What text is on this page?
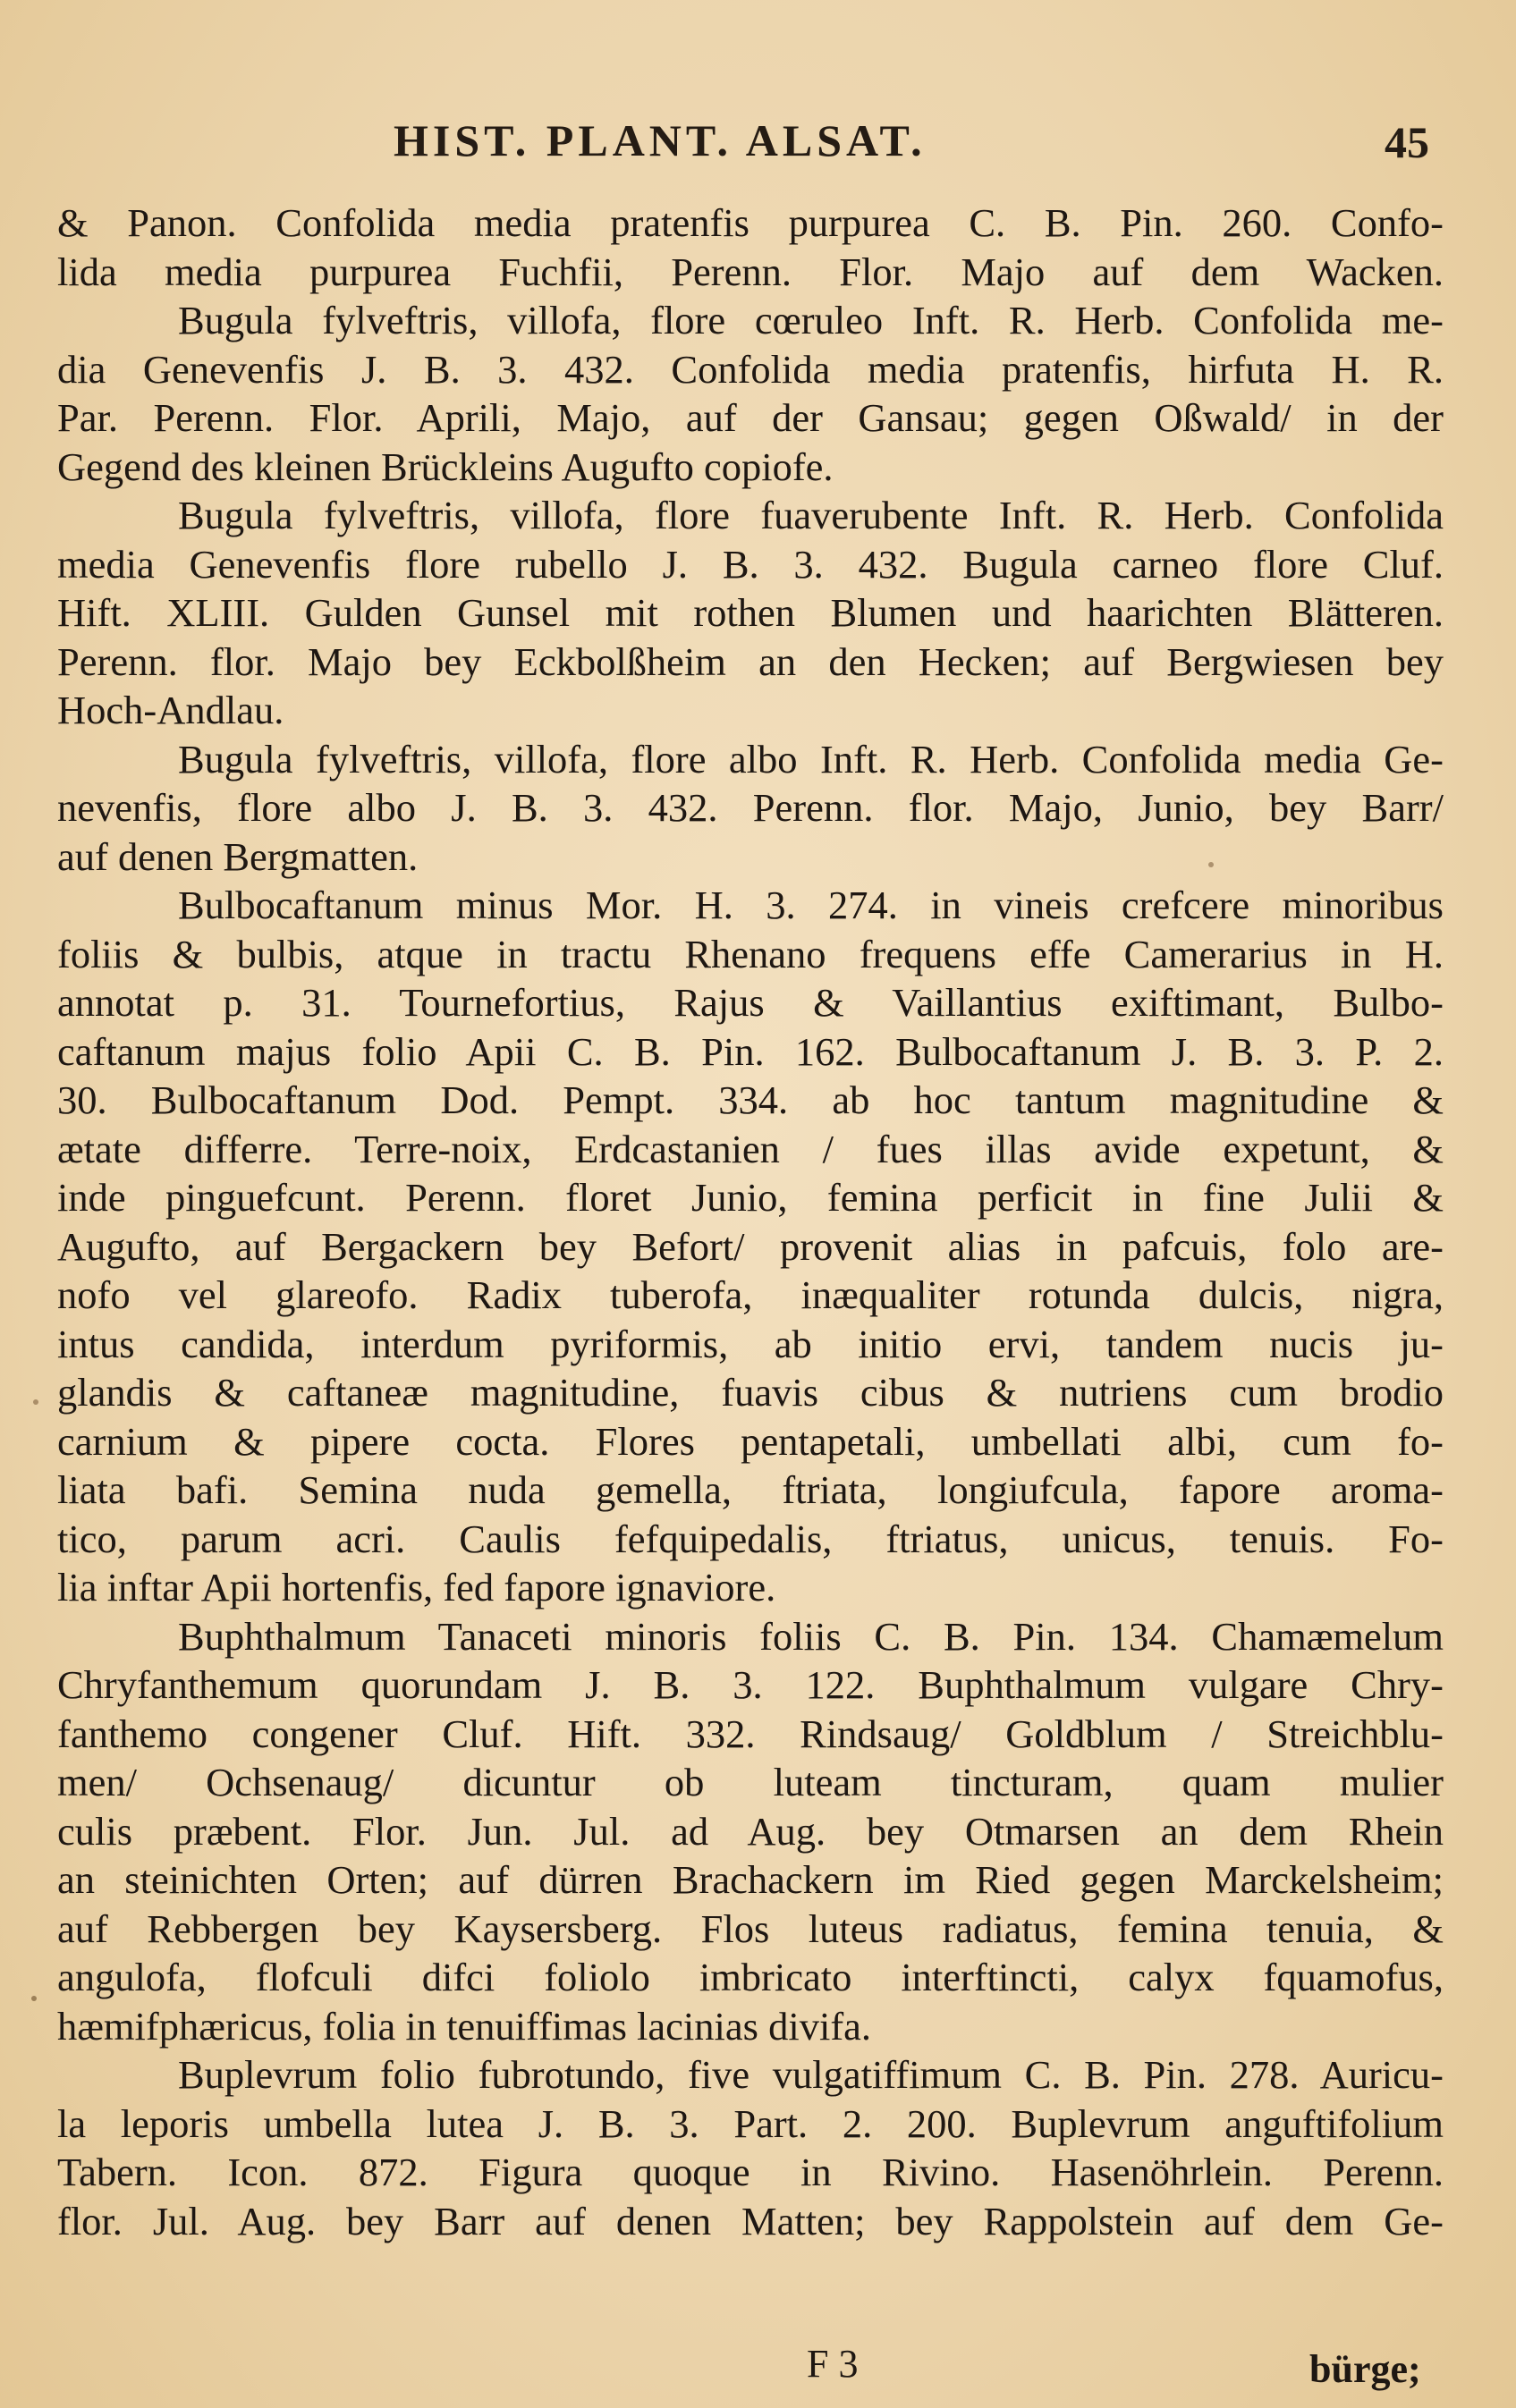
HIST. PLANT. ALSAT.	45
& Panon. Confolida media pratenfis purpurea C. B. Pin. 260. Confo-
lida media purpurea Fuchfii, Perenn. Flor. Majo auf dem Wacken.
Bugula fylveftris, villofa, flore cœruleo Inft. R. Herb. Confolida me-
dia Genevenfis J. B. 3. 432. Confolida media pratenfis, hirfuta H. R.
Par. Perenn. Flor. Aprili, Majo, auf der Gansau; gegen Oßwald/ in der
Gegend des kleinen Brückleins Augufto copiofe.
Bugula fylveftris, villofa, flore fuaverubente Inft. R. Herb. Confolida
media Genevenfis flore rubello J. B. 3. 432. Bugula carneo flore Cluf.
Hift. XLIII. Gulden Gunsel mit rothen Blumen und haarichten Blätteren.
Perenn. flor. Majo bey Eckbolßheim an den Hecken; auf Bergwiesen bey
Hoch-Andlau.
Bugula fylveftris, villofa, flore albo Inft. R. Herb. Confolida media Ge-
nevenfis, flore albo J. B. 3. 432. Perenn. flor. Majo, Junio, bey Barr/
auf denen Bergmatten.
Bulbocaftanum minus Mor. H. 3. 274. in vineis crefcere minoribus
foliis & bulbis, atque in tractu Rhenano frequens effe Camerarius in H.
annotat p. 31. Tournefortius, Rajus & Vaillantius exiftimant, Bulbo-
caftanum majus folio Apii C. B. Pin. 162. Bulbocaftanum J. B. 3. P. 2.
30. Bulbocaftanum Dod. Pempt. 334. ab hoc tantum magnitudine &
ætate differre. Terre-noix, Erdcastanien / fues illas avide expetunt, &
inde pinguefcunt. Perenn. floret Junio, femina perficit in fine Julii &
Augufto, auf Bergackern bey Befort/ provenit alias in pafcuis, folo are-
nofo vel glareofo. Radix tuberofa, inæqualiter rotunda dulcis, nigra,
intus candida, interdum pyriformis, ab initio ervi, tandem nucis ju-
glandis & caftaneæ magnitudine, fuavis cibus & nutriens cum brodio
carnium & pipere cocta. Flores pentapetali, umbellati albi, cum fo-
liata bafi. Semina nuda gemella, ftriata, longiufcula, fapore aroma-
tico, parum acri. Caulis fefquipedalis, ftriatus, unicus, tenuis. Fo-
lia inftar Apii hortenfis, fed fapore ignaviore.
Buphthalmum Tanaceti minoris foliis C. B. Pin. 134. Chamæmelum
Chryfanthemum quorundam J. B. 3. 122. Buphthalmum vulgare Chry-
fanthemo congener Cluf. Hift. 332. Rindsaug/ Goldblum / Streichblu-
men/ Ochsenaug/ dicuntur ob luteam tincturam, quam mulier
culis præbent. Flor. Jun. Jul. ad Aug. bey Otmarsen an dem Rhein
an steinichten Orten; auf dürren Brachackern im Ried gegen Marckelsheim;
auf Rebbergen bey Kaysersberg. Flos luteus radiatus, femina tenuia, &
angulofa, flofculi difci foliolo imbricato interftincti, calyx fquamofus,
hæmifphæricus, folia in tenuiffimas lacinias divifa.
Buplevrum folio fubrotundo, five vulgatiffimum C. B. Pin. 278. Auricu-
la leporis umbella lutea J. B. 3. Part. 2. 200. Buplevrum anguftifolium
Tabern. Icon. 872. Figura quoque in Rivino. Hasenöhrlein. Perenn.
flor. Jul. Aug. bey Barr auf denen Matten; bey Rappolstein auf dem Ge-
F 3	bürge;
